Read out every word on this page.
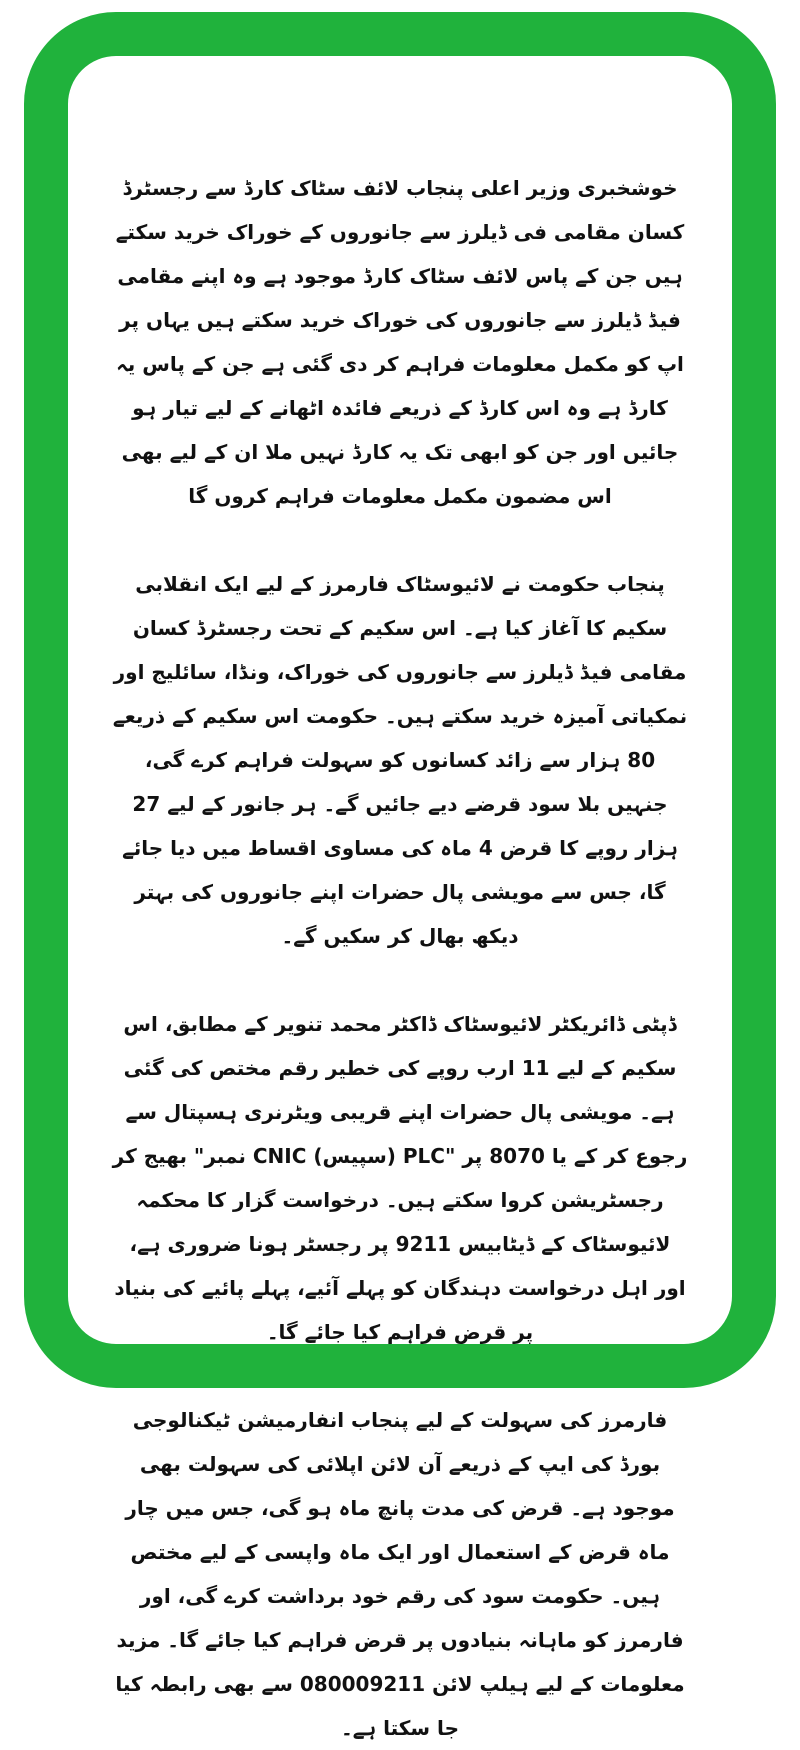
خوشخبری وزیر اعلی پنجاب لائف سٹاک کارڈ سے رجسٹرڈ کسان مقامی فی ڈیلرز سے جانوروں کے خوراک خرید سکتے ہیں جن کے پاس لائف سٹاک کارڈ موجود ہے وہ اپنے مقامی فیڈ ڈیلرز سے جانوروں کی خوراک خرید سکتے ہیں یہاں پر اپ کو مکمل معلومات فراہم کر دی گئی ہے جن کے پاس یہ کارڈ ہے وہ اس کارڈ کے ذریعے فائدہ اٹھانے کے لیے تیار ہو جائیں اور جن کو ابھی تک یہ کارڈ نہیں ملا ان کے لیے بھی اس مضمون مکمل معلومات فراہم کروں گا

پنجاب حکومت نے لائیوسٹاک فارمرز کے لیے ایک انقلابی سکیم کا آغاز کیا ہے۔ اس سکیم کے تحت رجسٹرڈ کسان مقامی فیڈ ڈیلرز سے جانوروں کی خوراک، ونڈا، سائلیج اور نمکیاتی آمیزہ خرید سکتے ہیں۔ حکومت اس سکیم کے ذریعے 80 ہزار سے زائد کسانوں کو سہولت فراہم کرے گی، جنہیں بلا سود قرضے دیے جائیں گے۔ ہر جانور کے لیے 27 ہزار روپے کا قرض 4 ماہ کی مساوی اقساط میں دیا جائے گا، جس سے مویشی پال حضرات اپنے جانوروں کی بہتر دیکھ بھال کر سکیں گے۔

ڈپٹی ڈائریکٹر لائیوسٹاک ڈاکٹر محمد تنویر کے مطابق، اس سکیم کے لیے 11 ارب روپے کی خطیر رقم مختص کی گئی ہے۔ مویشی پال حضرات اپنے قریبی ویٹرنری ہسپتال سے رجوع کر کے یا 8070 پر "PLC (سپیس) CNIC نمبر" بھیج کر رجسٹریشن کروا سکتے ہیں۔ درخواست گزار کا محکمہ لائیوسٹاک کے ڈیٹابیس 9211 پر رجسٹر ہونا ضروری ہے، اور اہل درخواست دہندگان کو پہلے آئیے، پہلے پائیے کی بنیاد پر قرض فراہم کیا جائے گا۔

فارمرز کی سہولت کے لیے پنجاب انفارمیشن ٹیکنالوجی بورڈ کی ایپ کے ذریعے آن لائن اپلائی کی سہولت بھی موجود ہے۔ قرض کی مدت پانچ ماہ ہو گی، جس میں چار ماہ قرض کے استعمال اور ایک ماہ واپسی کے لیے مختص ہیں۔ حکومت سود کی رقم خود برداشت کرے گی، اور فارمرز کو ماہانہ بنیادوں پر قرض فراہم کیا جائے گا۔ مزید معلومات کے لیے ہیلپ لائن 080009211 سے بھی رابطہ کیا جا سکتا ہے۔
